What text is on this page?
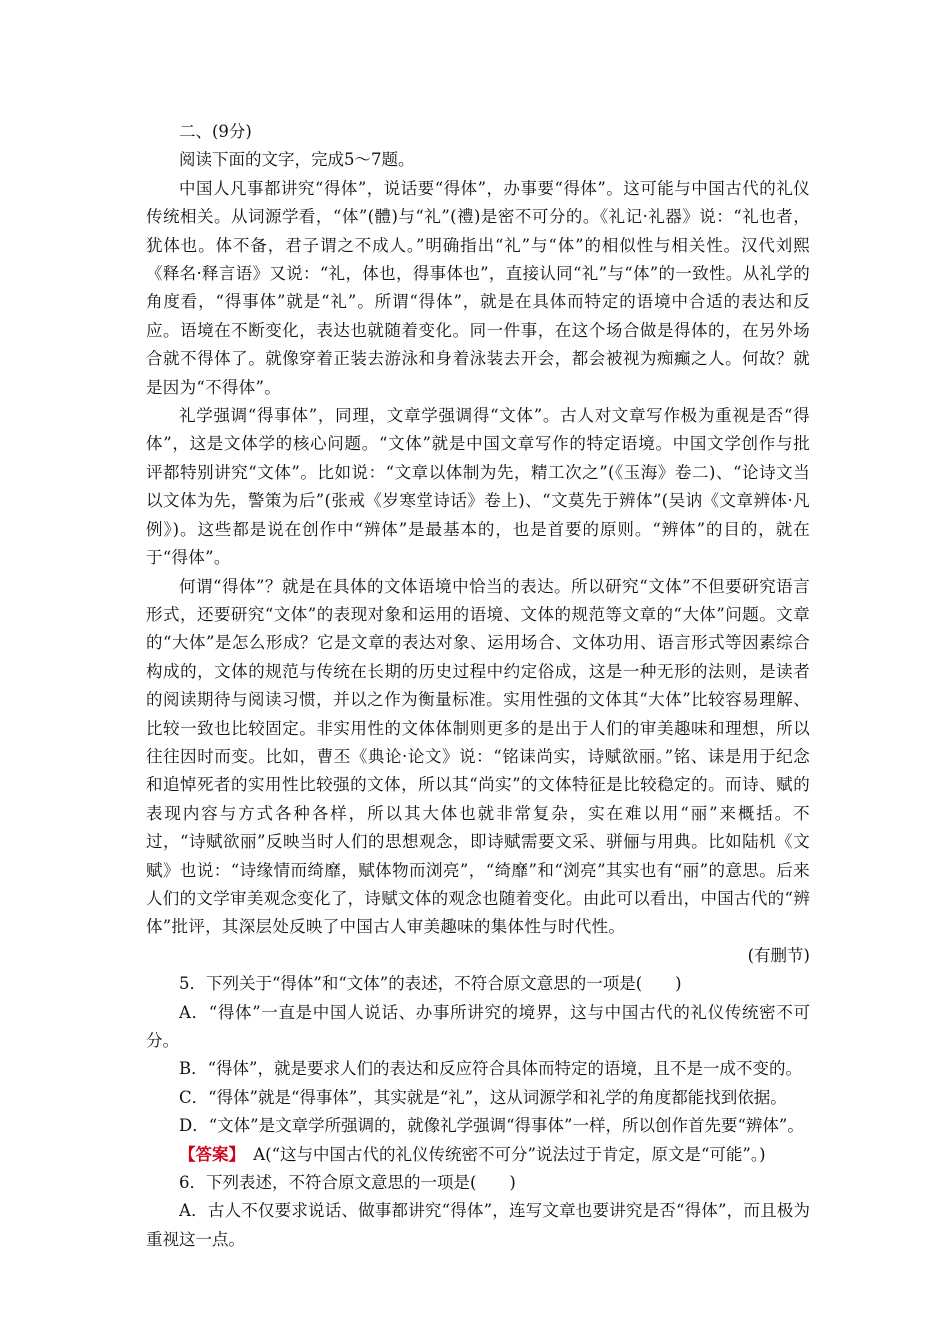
二、(9分)

阅读下面的文字，完成5～7题。

中国人凡事都讲究“得体”，说话要“得体”，办事要“得体”。这可能与中国古代的礼仪传统相关。从词源学看，“体”(體)与“礼”(禮)是密不可分的。《礼记·礼器》说：“礼也者，犹体也。体不备，君子谓之不成人。”明确指出“礼”与“体”的相似性与相关性。汉代刘熙《释名·释言语》又说：“礼，体也，得事体也”，直接认同“礼”与“体”的一致性。从礼学的角度看，“得事体”就是“礼”。所谓“得体”，就是在具体而特定的语境中合适的表达和反应。语境在不断变化，表达也就随着变化。同一件事，在这个场合做是得体的，在另外场合就不得体了。就像穿着正装去游泳和身着泳装去开会，都会被视为痴癫之人。何故？就是因为“不得体”。

礼学强调“得事体”，同理，文章学强调得“文体”。古人对文章写作极为重视是否“得体”，这是文体学的核心问题。“文体”就是中国文章写作的特定语境。中国文学创作与批评都特别讲究“文体”。比如说：“文章以体制为先，精工次之”(《玉海》卷二)、“论诗文当以文体为先，警策为后”(张戒《岁寒堂诗话》卷上)、“文莫先于辨体”(吴讷《文章辨体·凡例》)。这些都是说在创作中“辨体”是最基本的，也是首要的原则。“辨体”的目的，就在于“得体”。

何谓“得体”？就是在具体的文体语境中恰当的表达。所以研究“文体”不但要研究语言形式，还要研究“文体”的表现对象和运用的语境、文体的规范等文章的“大体”问题。文章的“大体”是怎么形成？它是文章的表达对象、运用场合、文体功用、语言形式等因素综合构成的，文体的规范与传统在长期的历史过程中约定俗成，这是一种无形的法则，是读者的阅读期待与阅读习惯，并以之作为衡量标准。实用性强的文体其“大体”比较容易理解、比较一致也比较固定。非实用性的文体体制则更多的是出于人们的审美趣味和理想，所以往往因时而变。比如，曹丕《典论·论文》说：“铭诔尚实，诗赋欲丽。”铭、诔是用于纪念和追悼死者的实用性比较强的文体，所以其“尚实”的文体特征是比较稳定的。而诗、赋的表现内容与方式各种各样，所以其大体也就非常复杂，实在难以用“丽”来概括。不过，“诗赋欲丽”反映当时人们的思想观念，即诗赋需要文采、骈俪与用典。比如陆机《文赋》也说：“诗缘情而绮靡，赋体物而浏亮”，“绮靡”和“浏亮”其实也有“丽”的意思。后来人们的文学审美观念变化了，诗赋文体的观念也随着变化。由此可以看出，中国古代的“辨体”批评，其深层处反映了中国古人审美趣味的集体性与时代性。

(有删节)

5．下列关于“得体”和“文体”的表述，不符合原文意思的一项是(　　)

A．“得体”一直是中国人说话、办事所讲究的境界，这与中国古代的礼仪传统密不可分。

B．“得体”，就是要求人们的表达和反应符合具体而特定的语境，且不是一成不变的。

C．“得体”就是“得事体”，其实就是“礼”，这从词源学和礼学的角度都能找到依据。

D．“文体”是文章学所强调的，就像礼学强调“得事体”一样，所以创作首先要“辨体”。

【答案】　A(“这与中国古代的礼仪传统密不可分”说法过于肯定，原文是“可能”。)

6．下列表述，不符合原文意思的一项是(　　)

A．古人不仅要求说话、做事都讲究“得体”，连写文章也要讲究是否“得体”，而且极为重视这一点。
